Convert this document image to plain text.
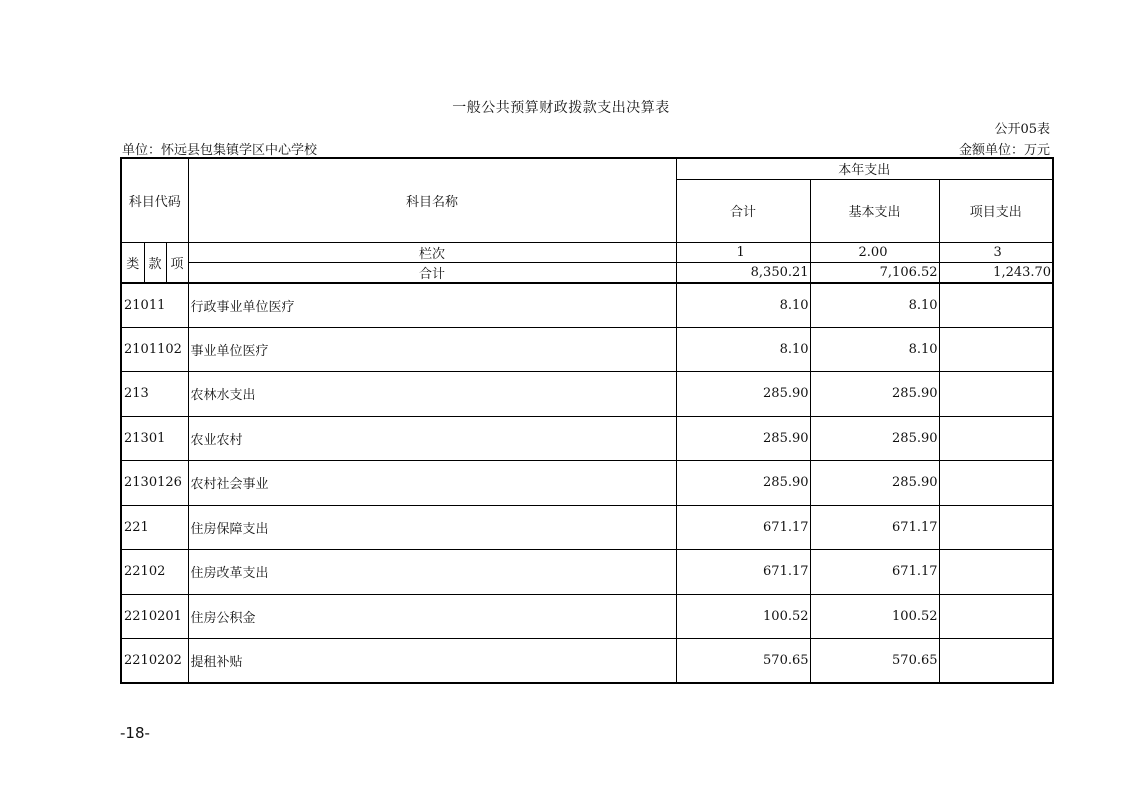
一般公共预算财政拨款支出决算表
公开05表
单位：怀远县包集镇学区中心学校	金额单位：万元
科目代码			科目名称	本年支出		
				合计	基本支出	项目支出
类	款	项	栏次	1	2.00	3
			合计	8,350.21	7,106.52	1,243.70
21011			行政事业单位医疗	8.10	8.10	
2101102			事业单位医疗	8.10	8.10	
213			农林水支出	285.90	285.90	
21301			农业农村	285.90	285.90	
2130126			农村社会事业	285.90	285.90	
221			住房保障支出	671.17	671.17	
22102			住房改革支出	671.17	671.17	
2210201			住房公积金	100.52	100.52	
2210202			提租补贴	570.65	570.65	
-18-
